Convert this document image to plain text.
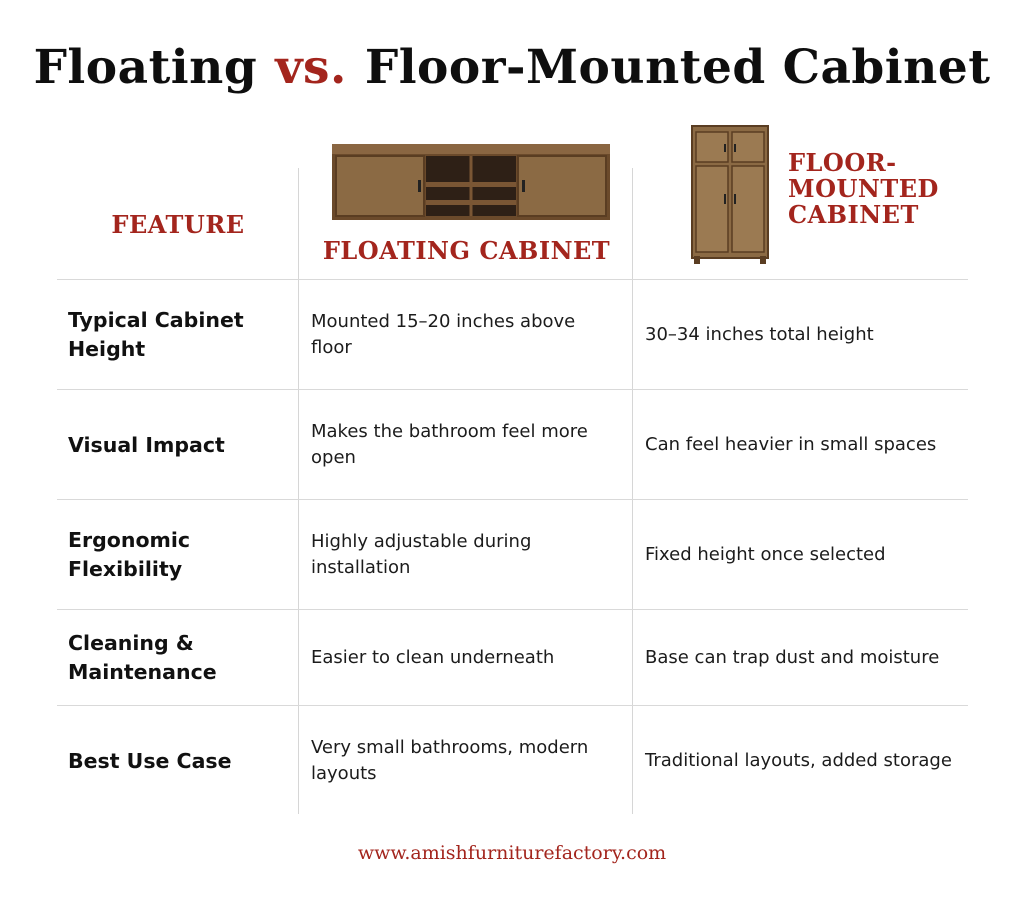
Floating vs. Floor-Mounted Cabinet
FEATURE
FLOATING CABINET
FLOOR-
MOUNTED
CABINET
Typical Cabinet Height
Mounted 15–20 inches above floor
30–34 inches total height
Visual Impact
Makes the bathroom feel more open
Can feel heavier in small spaces
Ergonomic Flexibility
Highly adjustable during installation
Fixed height once selected
Cleaning & Maintenance
Easier to clean underneath	Base can trap dust and moisture
Best Use Case
Very small bathrooms, modern layouts
Traditional layouts, added storage
www.amishfurniturefactory.com
